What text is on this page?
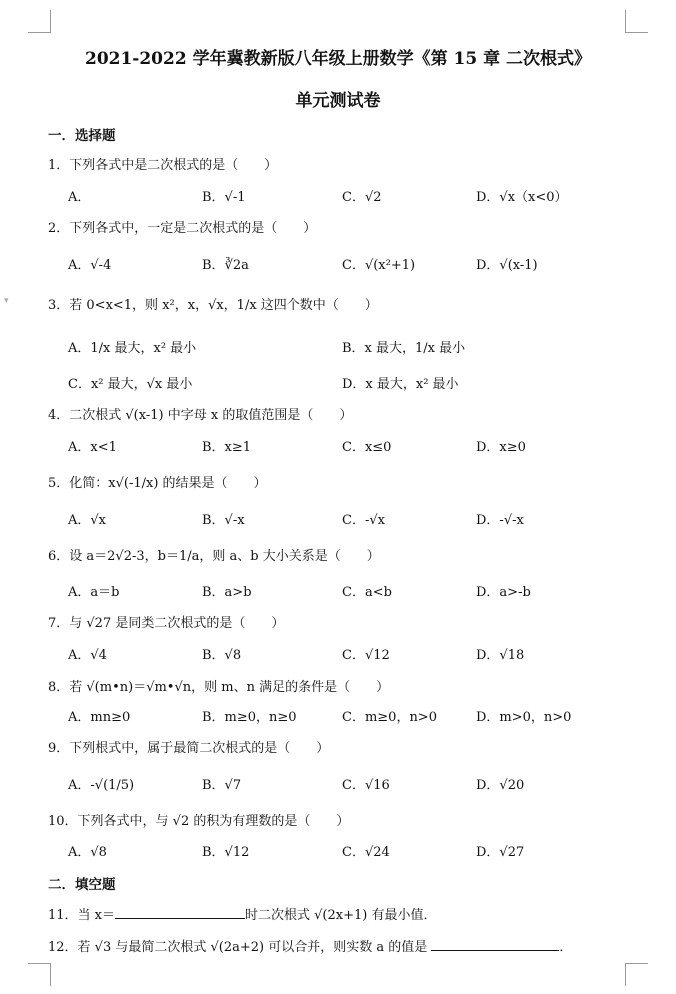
▾
2021-2022 学年冀教新版八年级上册数学《第 15 章 二次根式》
单元测试卷
一．选择题
1．下列各式中是二次根式的是（　　）
A．	B．√-1	C．√2	D．√x（x<0）
2．下列各式中，一定是二次根式的是（　　）
A．√-4	B．∛2a	C．√(x²+1)	D．√(x-1)
3．若 0<x<1，则 x²，x，√x，1/x 这四个数中（　　）
A．1/x 最大，x² 最小	B．x 最大，1/x 最小
C．x² 最大，√x 最小	D．x 最大，x² 最小
4．二次根式 √(x-1) 中字母 x 的取值范围是（　　）
A．x<1	B．x≥1	C．x≤0	D．x≥0
5．化简：x√(-1/x) 的结果是（　　）
A．√x	B．√-x	C．-√x	D．-√-x
6．设 a＝2√2-3，b＝1/a，则 a、b 大小关系是（　　）
A．a＝b	B．a>b	C．a<b	D．a>-b
7．与 √27 是同类二次根式的是（　　）
A．√4	B．√8	C．√12	D．√18
8．若 √(m•n)＝√m•√n，则 m、n 满足的条件是（　　）
A．mn≥0	B．m≥0，n≥0	C．m≥0，n>0	D．m>0，n>0
9．下列根式中，属于最简二次根式的是（　　）
A．-√(1/5)	B．√7	C．√16	D．√20
10．下列各式中，与 √2 的积为有理数的是（　　）
A．√8	B．√12	C．√24	D．√27
二．填空题
11．当 x＝	时二次根式 √(2x+1) 有最小值．
12．若 √3 与最简二次根式 √(2a+2) 可以合并，则实数 a 的值是	．
